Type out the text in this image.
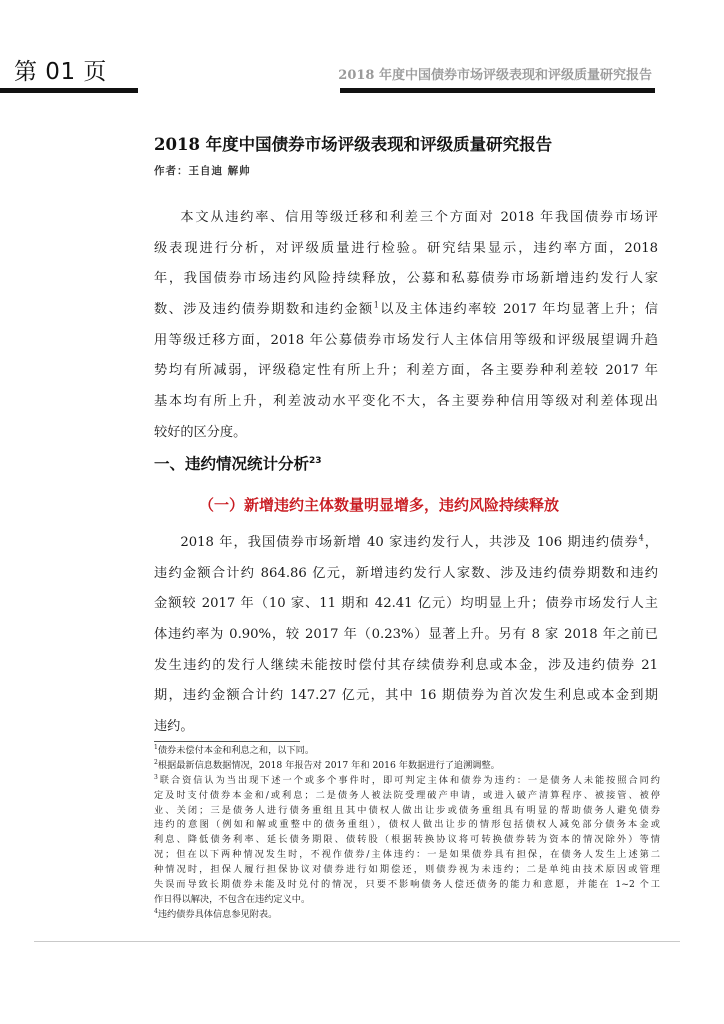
第 01 页	2018 年度中国债券市场评级表现和评级质量研究报告
2018 年度中国债券市场评级表现和评级质量研究报告
作者：王自迪 解帅

本文从违约率、信用等级迁移和利差三个方面对 2018 年我国债券市场评

级表现进行分析，对评级质量进行检验。研究结果显示，违约率方面，2018

年，我国债券市场违约风险持续释放，公募和私募债券市场新增违约发行人家

数、涉及违约债券期数和违约金额$^1$以及主体违约率较 2017 年均显著上升；信

用等级迁移方面，2018 年公募债券市场发行人主体信用等级和评级展望调升趋

势均有所减弱，评级稳定性有所上升；利差方面，各主要券种利差较 2017 年

基本均有所上升，利差波动水平变化不大，各主要券种信用等级对利差体现出

较好的区分度。

一、违约情况统计分析$^{23}$
（一）新增违约主体数量明显增多，违约风险持续释放

2018 年，我国债券市场新增 40 家违约发行人，共涉及 106 期违约债券$^4$，

违约金额合计约 864.86 亿元，新增违约发行人家数、涉及违约债券期数和违约

金额较 2017 年（10 家、11 期和 42.41 亿元）均明显上升；债券市场发行人主

体违约率为 0.90%，较 2017 年（0.23%）显著上升。另有 8 家 2018 年之前已

发生违约的发行人继续未能按时偿付其存续债券利息或本金，涉及违约债券 21

期，违约金额合计约 147.27 亿元，其中 16 期债券为首次发生利息或本金到期

违约。

$^1$债券未偿付本金和利息之和，以下同。
$^2$根据最新信息数据情况，2018 年报告对 2017 年和 2016 年数据进行了追溯调整。
$^3$联合资信认为当出现下述一个或多个事件时，即可判定主体和债券为违约：一是债务人未能按照合同约
定及时支付债券本金和/或利息；二是债务人被法院受理破产申请，或进入破产清算程序、被接管、被停
业、关闭；三是债务人进行债务重组且其中债权人做出让步或债务重组具有明显的帮助债务人避免债券
违约的意图（例如和解或重整中的债务重组），债权人做出让步的情形包括债权人减免部分债务本金或
利息、降低债务利率、延长债务期限、债转股（根据转换协议将可转换债券转为资本的情况除外）等情
况；但在以下两种情况发生时，不视作债券/主体违约：一是如果债券具有担保，在债务人发生上述第二
种情况时，担保人履行担保协议对债券进行如期偿还，则债券视为未违约；二是单纯由技术原因或管理
失误而导致长期债券未能及时兑付的情况，只要不影响债务人偿还债务的能力和意愿，并能在 1~2 个工
作日得以解决，不包含在违约定义中。
$^4$违约债券具体信息参见附表。
